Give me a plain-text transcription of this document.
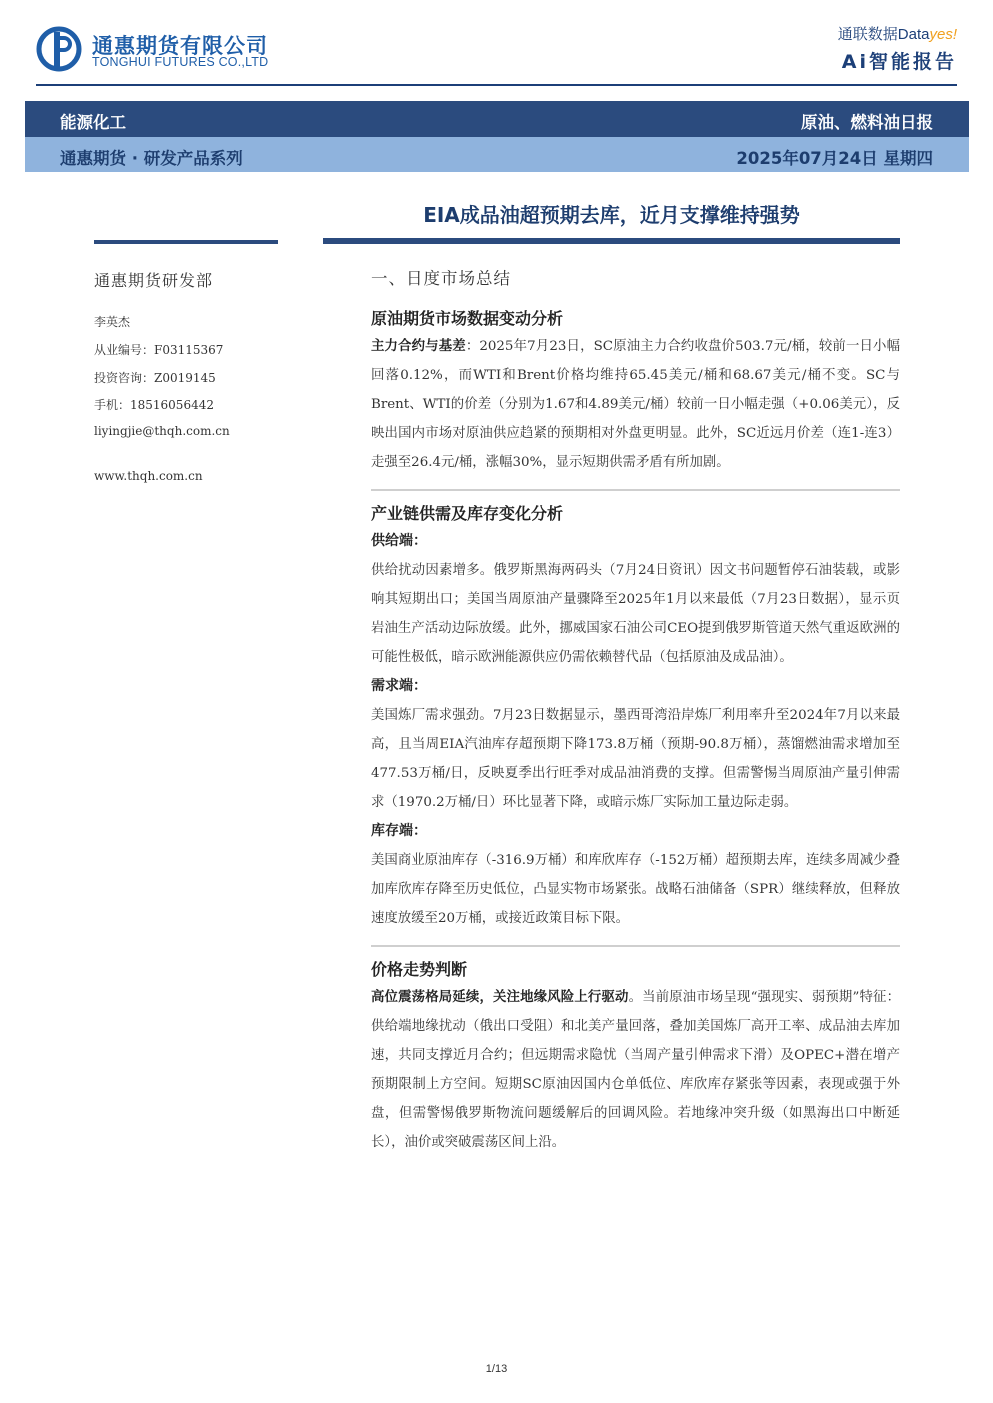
通惠期货有限公司
TONGHUI FUTURES CO.,LTD
通联数据Datayes!
Ai智能报告
能源化工	原油、燃料油日报
通惠期货 · 研发产品系列	2025年07月24日 星期四
EIA成品油超预期去库，近月支撑维持强势
通惠期货研发部
李英杰
从业编号：F03115367
投资咨询：Z0019145
手机：18516056442
liyingjie@thqh.com.cn
www.thqh.com.cn
一、日度市场总结
原油期货市场数据变动分析
主力合约与基差：2025年7月23日，SC原油主力合约收盘价503.7元/桶，较前一日小幅回落0.12%，而WTI和Brent价格均维持65.45美元/桶和68.67美元/桶不变。SC与Brent、WTI的价差（分别为1.67和4.89美元/桶）较前一日小幅走强（+0.06美元），反映出国内市场对原油供应趋紧的预期相对外盘更明显。此外，SC近远月价差（连1-连3）走强至26.4元/桶，涨幅30%，显示短期供需矛盾有所加剧。
产业链供需及库存变化分析
供给端：
供给扰动因素增多。俄罗斯黑海两码头（7月24日资讯）因文书问题暂停石油装载，或影响其短期出口；美国当周原油产量骤降至2025年1月以来最低（7月23日数据），显示页岩油生产活动边际放缓。此外，挪威国家石油公司CEO提到俄罗斯管道天然气重返欧洲的可能性极低，暗示欧洲能源供应仍需依赖替代品（包括原油及成品油）。
需求端：
美国炼厂需求强劲。7月23日数据显示，墨西哥湾沿岸炼厂利用率升至2024年7月以来最高，且当周EIA汽油库存超预期下降173.8万桶（预期-90.8万桶），蒸馏燃油需求增加至477.53万桶/日，反映夏季出行旺季对成品油消费的支撑。但需警惕当周原油产量引伸需求（1970.2万桶/日）环比显著下降，或暗示炼厂实际加工量边际走弱。
库存端：
美国商业原油库存（-316.9万桶）和库欣库存（-152万桶）超预期去库，连续多周减少叠加库欣库存降至历史低位，凸显实物市场紧张。战略石油储备（SPR）继续释放，但释放速度放缓至20万桶，或接近政策目标下限。
价格走势判断
高位震荡格局延续，关注地缘风险上行驱动。当前原油市场呈现“强现实、弱预期”特征：供给端地缘扰动（俄出口受阻）和北美产量回落，叠加美国炼厂高开工率、成品油去库加速，共同支撑近月合约；但远期需求隐忧（当周产量引伸需求下滑）及OPEC+潜在增产预期限制上方空间。短期SC原油因国内仓单低位、库欣库存紧张等因素，表现或强于外盘，但需警惕俄罗斯物流问题缓解后的回调风险。若地缘冲突升级（如黑海出口中断延长），油价或突破震荡区间上沿。
1/13
